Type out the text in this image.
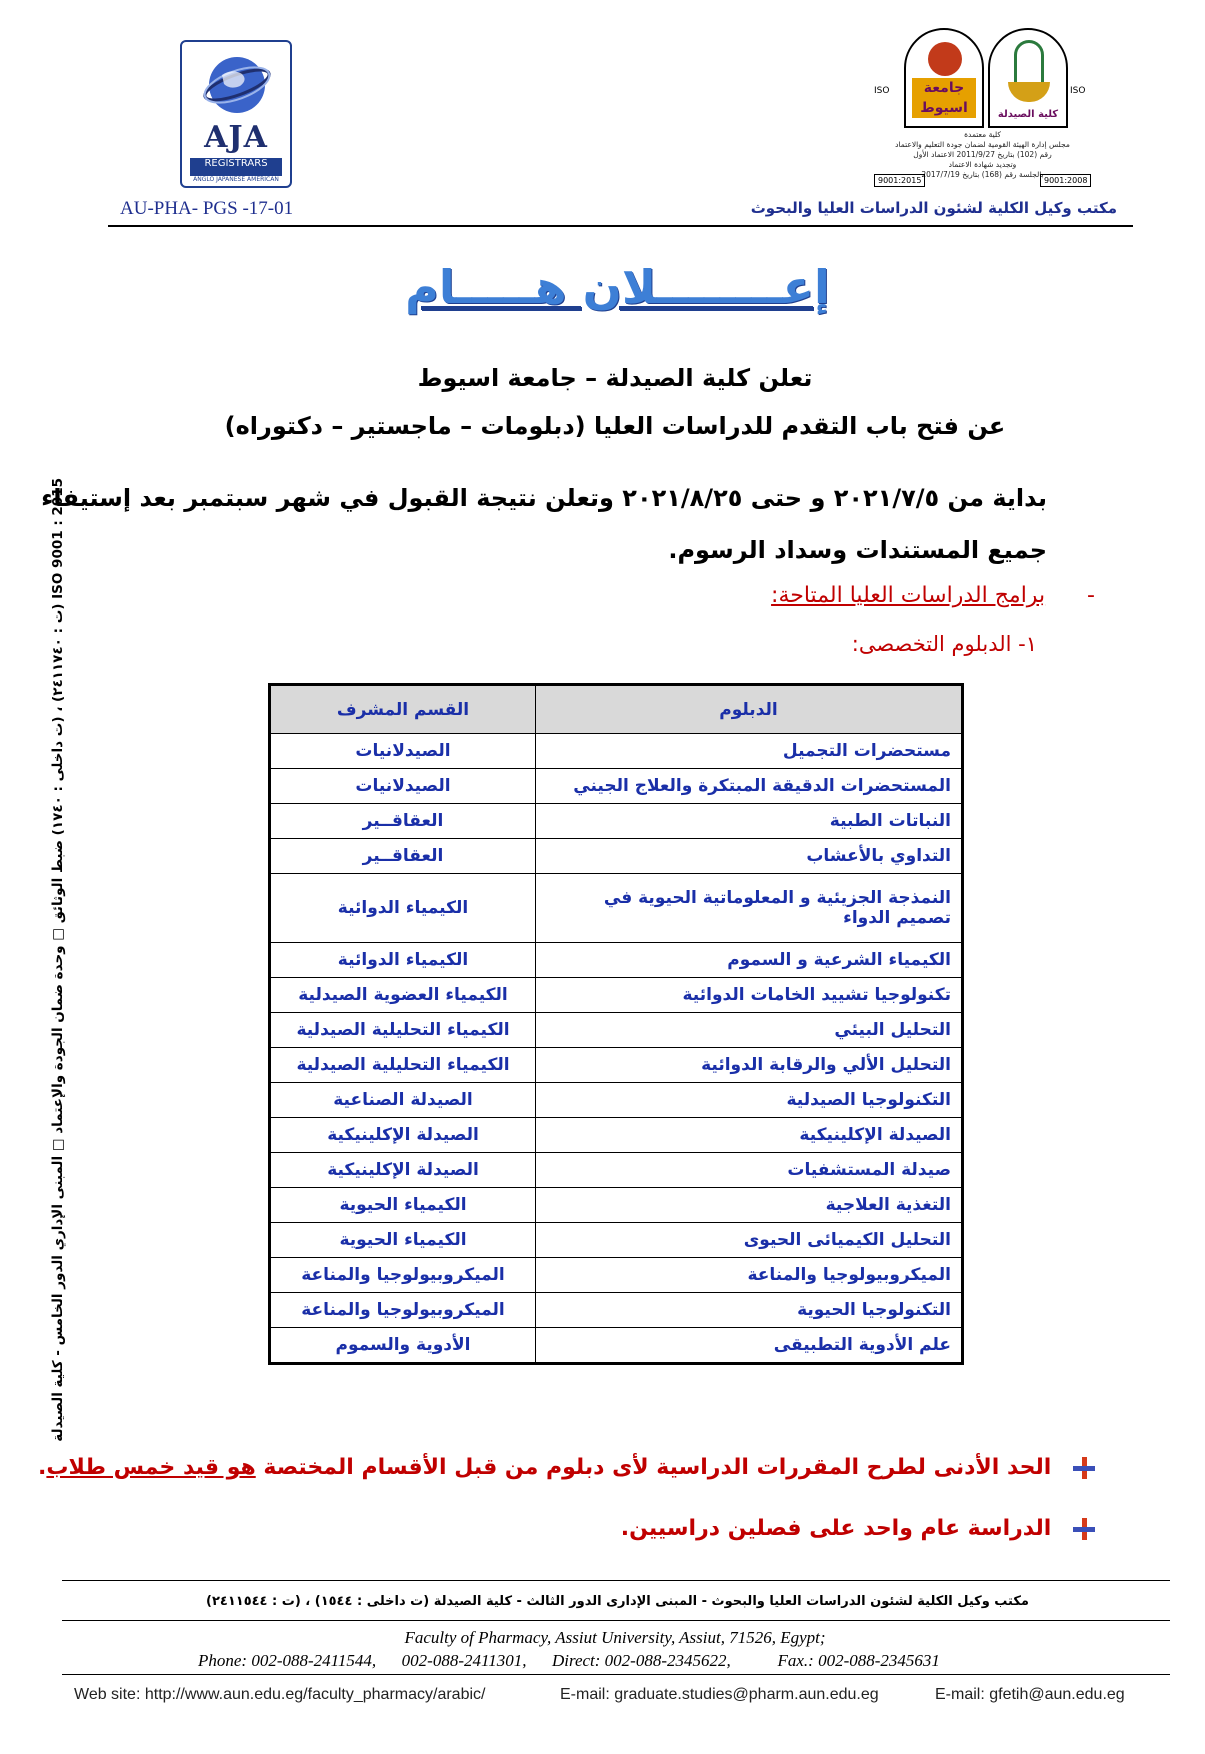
AJA
REGISTRARS
ANGLO JAPANESE AMERICAN
ISO	جامعة اسيوط	كلية الصيدلة
ISO
كلية معتمدة
مجلس إدارة الهيئة القومية لضمان جودة التعليم والاعتماد
رقم (102) بتاريخ 2011/9/27 الاعتماد الأول
وتجديد شهادة الاعتماد
بالجلسة رقم (168) بتاريخ 2017/7/19
9001:2015	9001:2008
AU-PHA- PGS -17-01	مكتب وكيل الكلية لشئون الدراسات العليا والبحوث
إعــــــــلان هـــــام
تعلن كلية الصيدلة – جامعة اسيوط
عن فتح باب التقدم للدراسات العليا (دبلومات – ماجستير – دكتوراه)
بداية من ٢٠٢١/٧/٥ و حتى ٢٠٢١/٨/٢٥ وتعلن نتيجة القبول في شهر سبتمبر بعد إستيفاء
جميع المستندات وسداد الرسوم.
-      برامج الدراسات العليا المتاحة:
١- الدبلوم التخصصى:
الدبلوم	القسم المشرف
مستحضرات التجميل	الصيدلانيات
المستحضرات الدقيقة المبتكرة والعلاج الجيني	الصيدلانيات
النباتات الطبية	العقاقــير
التداوي بالأعشاب	العقاقــير
النمذجة الجزيئية و المعلوماتية الحيوية في تصميم الدواء	الكيمياء الدوائية
الكيمياء الشرعية و السموم	الكيمياء الدوائية
تكنولوجيا تشييد الخامات الدوائية	الكيمياء العضوية الصيدلية
التحليل البيئي	الكيمياء التحليلية الصيدلية
التحليل الألي والرقابة الدوائية	الكيمياء التحليلية الصيدلية
التكنولوجيا الصيدلية	الصيدلة الصناعية
الصيدلة الإكلينيكية	الصيدلة الإكلينيكية
صيدلة المستشفيات	الصيدلة الإكلينيكية
التغذية العلاجية	الكيمياء الحيوية
التحليل الكيميائى الحيوى	الكيمياء الحيوية
الميكروبيولوجيا والمناعة	الميكروبيولوجيا والمناعة
التكنولوجيا الحيوية	الميكروبيولوجيا والمناعة
علم الأدوية التطبيقى	الأدوية والسموم
الحد الأدنى لطرح المقررات الدراسية لأى دبلوم من قبل الأقسام المختصة هو قيد خمس طلاب.
الدراسة عام واحد على فصلين دراسيين.
مكتب وكيل الكلية لشئون الدراسات العليا والبحوث - المبنى الإدارى الدور الثالث - كلية الصيدلة (ت داخلى : ١٥٤٤) ، (ت : ٢٤١١٥٤٤)
Faculty of Pharmacy, Assiut University, Assiut, 71526, Egypt;
Phone: 002-088-2411544,      002-088-2411301,      Direct: 002-088-2345622,           Fax.: 002-088-2345631
Web site: http://www.aun.edu.eg/faculty_pharmacy/arabic/	E-mail: graduate.studies@pharm.aun.edu.eg	E-mail: gfetih@aun.edu.eg
ISO 9001 : 2015 (ت : ٢٤١١٧٤٠) ، (ت داخلى : ١٧٤٠) ضبط الوثائق □ وحدة ضمان الجودة والإعتماد □ المبنى الإداري الدور الخامس - كلية الصيدلة
